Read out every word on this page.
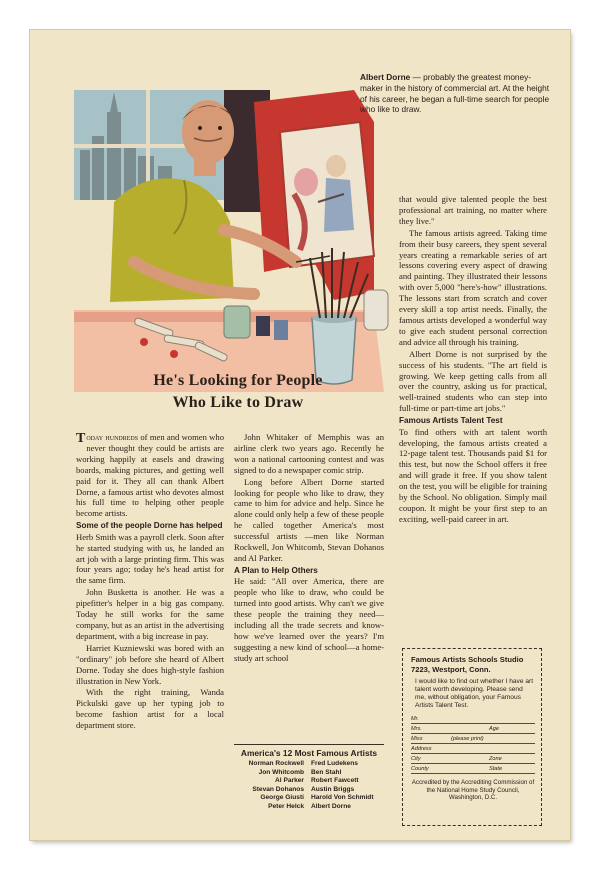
Albert Dorne — probably the greatest money-maker in the history of commercial art. At the height of his career, he began a full-time search for people who like to draw.
He's Looking for People
Who Like to Draw

Today hundreds of men and women who never thought they could be artists are working happily at easels and drawing boards, making pictures, and getting well paid for it. They all can thank Albert Dorne, a famous artist who devotes almost his full time to helping other people become artists.

Some of the people Dorne has helped

Herb Smith was a payroll clerk. Soon after he started studying with us, he landed an art job with a large printing firm. This was four years ago; today he's head artist for the same firm.

John Busketta is another. He was a pipefitter's helper in a big gas company. Today he still works for the same company, but as an artist in the advertising department, with a big increase in pay.

Harriet Kuzniewski was bored with an "ordinary" job before she heard of Albert Dorne. Today she does high-style fashion illustration in New York.

With the right training, Wanda Pickulski gave up her typing job to become fashion artist for a local department store.

John Whitaker of Memphis was an airline clerk two years ago. Recently he won a national cartooning contest and was signed to do a newspaper comic strip.

Long before Albert Dorne started looking for people who like to draw, they came to him for advice and help. Since he alone could only help a few of these people he called together America's most successful artists —men like Norman Rockwell, Jon Whitcomb, Stevan Dohanos and Al Parker.

A Plan to Help Others

He said: "All over America, there are people who like to draw, who could be turned into good artists. Why can't we give these people the training they need—including all the trade secrets and know-how we've learned over the years? I'm suggesting a new kind of school—a home-study art school

America's 12 Most Famous Artists
Norman Rockwell	Fred Ludekens
Jon Whitcomb	Ben Stahl
Al Parker	Robert Fawcett
Stevan Dohanos	Austin Briggs
George Giusti	Harold Von Schmidt
Peter Helck	Albert Dorne

that would give talented people the best professional art training, no matter where they live."

The famous artists agreed. Taking time from their busy careers, they spent several years creating a remarkable series of art lessons covering every aspect of drawing and painting. They illustrated their lessons with over 5,000 "here's-how" illustrations. The lessons start from scratch and cover every skill a top artist needs. Finally, the famous artists developed a wonderful way to give each student personal correction and advice all through his training.

Albert Dorne is not surprised by the success of his students. "The art field is growing. We keep getting calls from all over the country, asking us for practical, well-trained students who can step into full-time or part-time art jobs."

Famous Artists Talent Test

To find others with art talent worth developing, the famous artists created a 12-page talent test. Thousands paid $1 for this test, but now the School offers it free and will grade it free. If you show talent on the test, you will be eligible for training by the School. No obligation. Simply mail coupon. It might be your first step to an exciting, well-paid career in art.

Famous Artists Schools Studio 7223, Westport, Conn.
I would like to find out whether I have art talent worth developing. Please send me, without obligation, your Famous Artists Talent Test.
Mr.
Mrs.	Age
Miss	(please print)
Address
City	Zone
County	State
Accredited by the Accrediting Commission of the National Home Study Council, Washington, D.C.
